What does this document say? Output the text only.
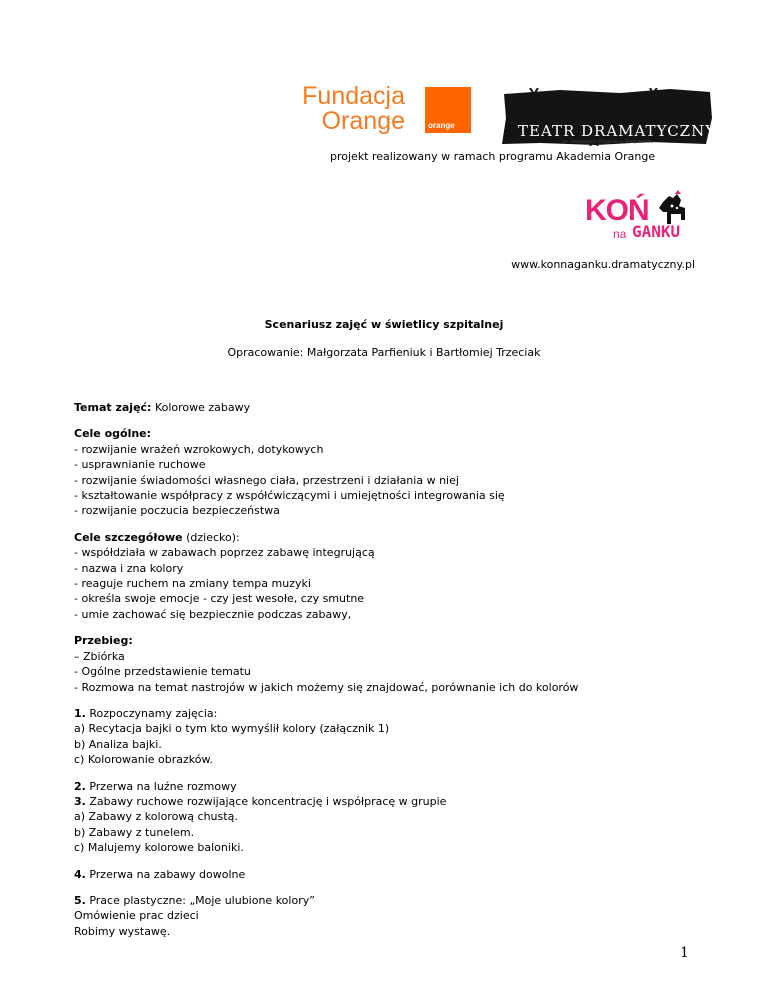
Fundacja
Orange	orange	TEATR DRAMATYCZNY
im. Aleksandra Węgierki w Białymstoku
projekt realizowany w ramach programu Akademia Orange
KOŃ
na GANKU
www.konnaganku.dramatyczny.pl
Scenariusz zajęć w świetlicy szpitalnej
Opracowanie: Małgorzata Parfieniuk i Bartłomiej Trzeciak

Temat zajęć: Kolorowe zabawy

Cele ogólne:
- rozwijanie wrażeń wzrokowych, dotykowych
- usprawnianie ruchowe
- rozwijanie świadomości własnego ciała, przestrzeni i działania w niej
- kształtowanie współpracy z współćwiczącymi i umiejętności integrowania się
- rozwijanie poczucia bezpieczeństwa

Cele szczegółowe (dziecko):
- współdziała w zabawach poprzez zabawę integrującą
- nazwa i zna kolory
- reaguje ruchem na zmiany tempa muzyki
- określa swoje emocje - czy jest wesołe, czy smutne
- umie zachować się bezpiecznie podczas zabawy,

Przebieg:
– Zbiórka
- Ogólne przedstawienie tematu
- Rozmowa na temat nastrojów w jakich możemy się znajdować, porównanie ich do kolorów

1. Rozpoczynamy zajęcia:
a) Recytacja bajki o tym kto wymyślił kolory (załącznik 1)
b) Analiza bajki.
c) Kolorowanie obrazków.

2. Przerwa na luźne rozmowy
3. Zabawy ruchowe rozwijające koncentrację i współpracę w grupie
a) Zabawy z kolorową chustą.
b) Zabawy z tunelem.
c) Malujemy kolorowe baloniki.

4. Przerwa na zabawy dowolne

5. Prace plastyczne: „Moje ulubione kolory”
Omówienie prac dzieci
Robimy wystawę.

1
